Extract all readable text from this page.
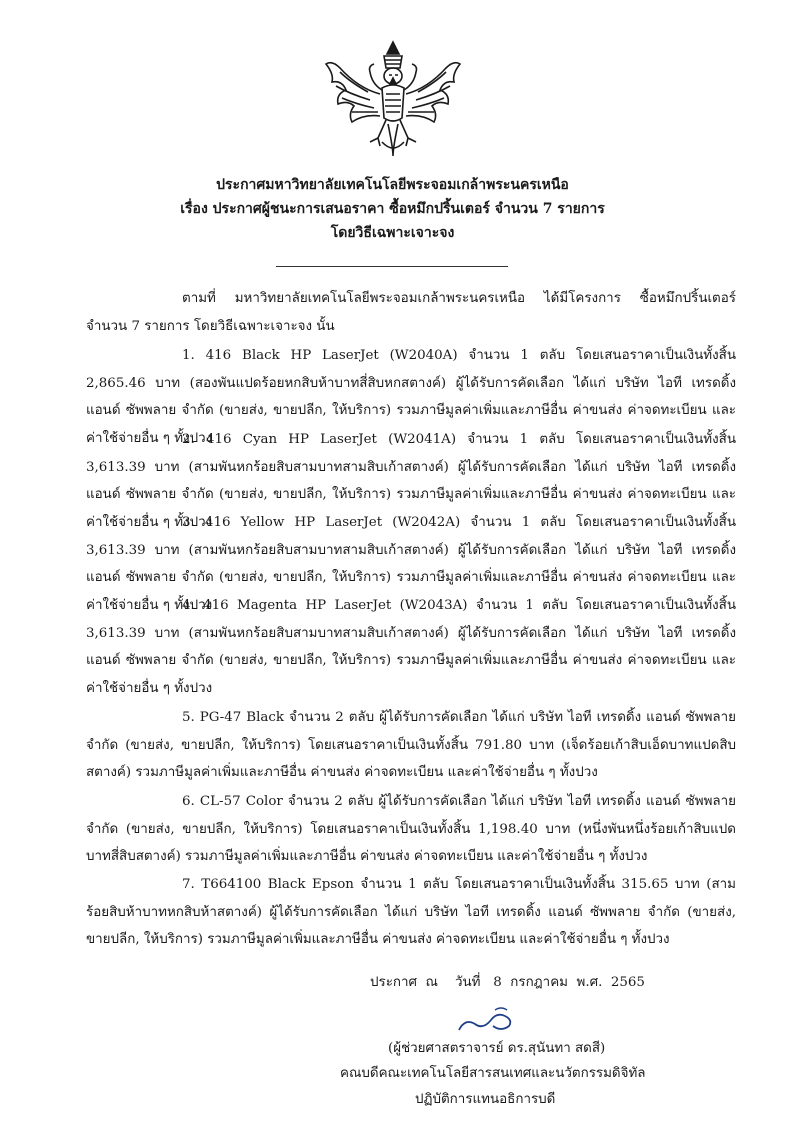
ประกาศมหาวิทยาลัยเทคโนโลยีพระจอมเกล้าพระนครเหนือ
เรื่อง ประกาศผู้ชนะการเสนอราคา ซื้อหมึกปริ้นเตอร์ จำนวน 7 รายการ
โดยวิธีเฉพาะเจาะจง

ตามที่ มหาวิทยาลัยเทคโนโลยีพระจอมเกล้าพระนครเหนือ ได้มีโครงการ ซื้อหมึกปริ้นเตอร์ จำนวน 7 รายการ โดยวิธีเฉพาะเจาะจง นั้น

1. 416 Black HP LaserJet (W2040A) จำนวน 1 ตลับ โดยเสนอราคาเป็นเงินทั้งสิ้น 2,865.46 บาท (สองพันแปดร้อยหกสิบห้าบาทสี่สิบหกสตางค์) ผู้ได้รับการคัดเลือก ได้แก่ บริษัท ไอที เทรดดิ้ง แอนด์ ซัพพลาย จำกัด (ขายส่ง, ขายปลีก, ให้บริการ) รวมภาษีมูลค่าเพิ่มและภาษีอื่น ค่าขนส่ง ค่าจดทะเบียน และค่าใช้จ่ายอื่น ๆ ทั้งปวง

2. 416 Cyan HP LaserJet (W2041A) จำนวน 1 ตลับ โดยเสนอราคาเป็นเงินทั้งสิ้น 3,613.39 บาท (สามพันหกร้อยสิบสามบาทสามสิบเก้าสตางค์) ผู้ได้รับการคัดเลือก ได้แก่ บริษัท ไอที เทรดดิ้ง แอนด์ ซัพพลาย จำกัด (ขายส่ง, ขายปลีก, ให้บริการ) รวมภาษีมูลค่าเพิ่มและภาษีอื่น ค่าขนส่ง ค่าจดทะเบียน และค่าใช้จ่ายอื่น ๆ ทั้งปวง

3. 416 Yellow HP LaserJet (W2042A) จำนวน 1 ตลับ โดยเสนอราคาเป็นเงินทั้งสิ้น 3,613.39 บาท (สามพันหกร้อยสิบสามบาทสามสิบเก้าสตางค์) ผู้ได้รับการคัดเลือก ได้แก่ บริษัท ไอที เทรดดิ้ง แอนด์ ซัพพลาย จำกัด (ขายส่ง, ขายปลีก, ให้บริการ) รวมภาษีมูลค่าเพิ่มและภาษีอื่น ค่าขนส่ง ค่าจดทะเบียน และค่าใช้จ่ายอื่น ๆ ทั้งปวง

4. 416 Magenta HP LaserJet (W2043A) จำนวน 1 ตลับ โดยเสนอราคาเป็นเงินทั้งสิ้น 3,613.39 บาท (สามพันหกร้อยสิบสามบาทสามสิบเก้าสตางค์) ผู้ได้รับการคัดเลือก ได้แก่ บริษัท ไอที เทรดดิ้ง แอนด์ ซัพพลาย จำกัด (ขายส่ง, ขายปลีก, ให้บริการ) รวมภาษีมูลค่าเพิ่มและภาษีอื่น ค่าขนส่ง ค่าจดทะเบียน และค่าใช้จ่ายอื่น ๆ ทั้งปวง

5. PG-47 Black จำนวน 2 ตลับ ผู้ได้รับการคัดเลือก ได้แก่ บริษัท ไอที เทรดดิ้ง แอนด์ ซัพพลาย จำกัด (ขายส่ง, ขายปลีก, ให้บริการ) โดยเสนอราคาเป็นเงินทั้งสิ้น 791.80 บาท (เจ็ดร้อยเก้าสิบเอ็ดบาทแปดสิบสตางค์) รวมภาษีมูลค่าเพิ่มและภาษีอื่น ค่าขนส่ง ค่าจดทะเบียน และค่าใช้จ่ายอื่น ๆ ทั้งปวง

6. CL-57 Color จำนวน 2 ตลับ ผู้ได้รับการคัดเลือก ได้แก่ บริษัท ไอที เทรดดิ้ง แอนด์ ซัพพลาย จำกัด (ขายส่ง, ขายปลีก, ให้บริการ) โดยเสนอราคาเป็นเงินทั้งสิ้น 1,198.40 บาท (หนึ่งพันหนึ่งร้อยเก้าสิบแปดบาทสี่สิบสตางค์) รวมภาษีมูลค่าเพิ่มและภาษีอื่น ค่าขนส่ง ค่าจดทะเบียน และค่าใช้จ่ายอื่น ๆ ทั้งปวง

7. T664100 Black Epson จำนวน 1 ตลับ โดยเสนอราคาเป็นเงินทั้งสิ้น 315.65 บาท (สามร้อยสิบห้าบาทหกสิบห้าสตางค์) ผู้ได้รับการคัดเลือก ได้แก่ บริษัท ไอที เทรดดิ้ง แอนด์ ซัพพลาย จำกัด (ขายส่ง, ขายปลีก, ให้บริการ) รวมภาษีมูลค่าเพิ่มและภาษีอื่น ค่าขนส่ง ค่าจดทะเบียน และค่าใช้จ่ายอื่น ๆ ทั้งปวง

ประกาศ  ณ    วันที่   8  กรกฎาคม  พ.ศ.  2565
(ผู้ช่วยศาสตราจารย์ ดร.สุนันทา สดสี)
คณบดีคณะเทคโนโลยีสารสนเทศและนวัตกรรมดิจิทัล
ปฏิบัติการแทนอธิการบดี
